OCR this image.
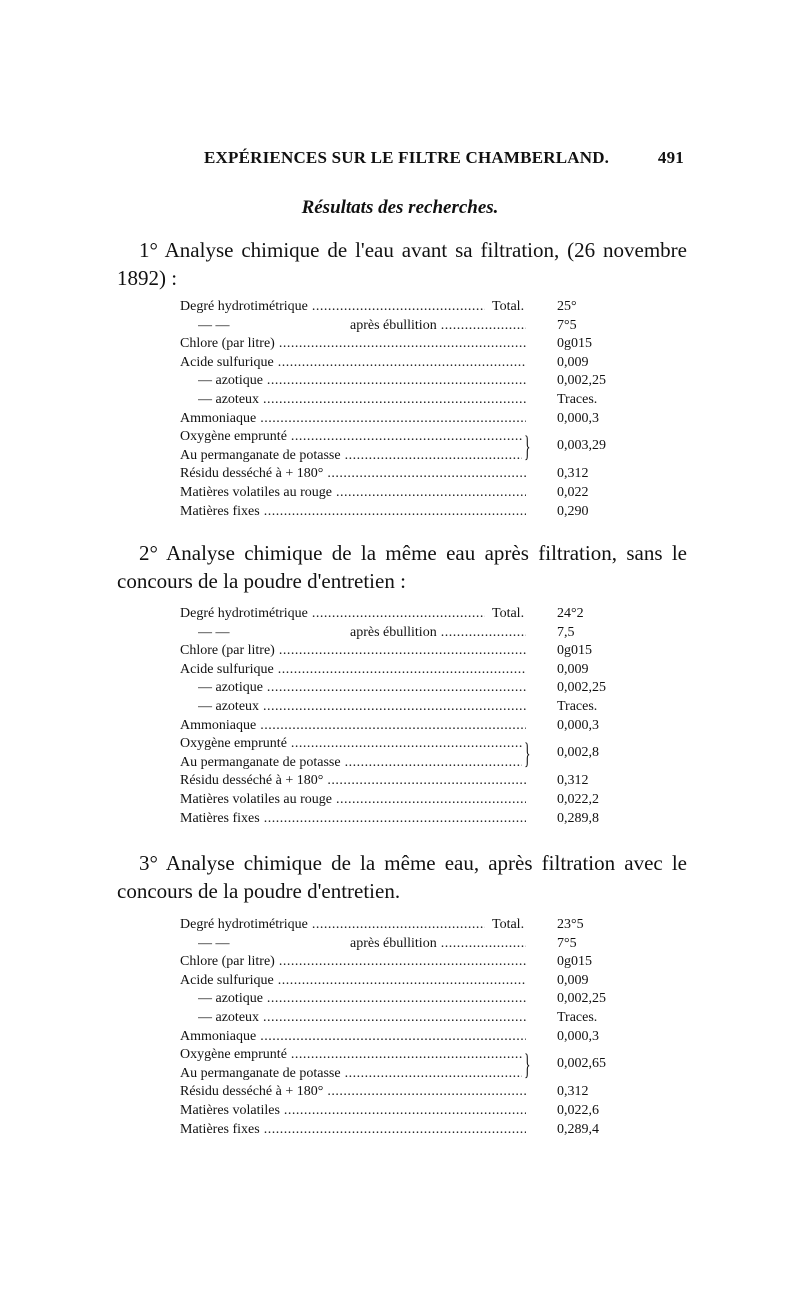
EXPÉRIENCES SUR LE FILTRE CHAMBERLAND.	491
Résultats des recherches.
1° Analyse chimique de l'eau avant sa filtration, (26 novembre 1892) :
Degré hydrotimétrique .....	Total. 25°
— —	après ébullition .....	7°5
Chlore (par litre) .....	0g015
Acide sulfurique .....	0,009
— azotique .....	0,002,25
— azoteux .....	Traces.
Ammoniaque .....	0,000,3
Oxygène emprunté .....
Au permanganate de potasse .....	} 0,003,29
Résidu desséché à + 180° .....	0,312
Matières volatiles au rouge .....	0,022
Matières fixes .....	0,290
2° Analyse chimique de la même eau après filtration, sans le concours de la poudre d'entretien :
Degré hydrotimétrique .....	Total. 24°2
— —	après ébullition .....	7,5
Chlore (par litre) .....	0g015
Acide sulfurique .....	0,009
— azotique .....	0,002,25
— azoteux .....	Traces.
Ammoniaque .....	0,000,3
Oxygène emprunté .....
Au permanganate de potasse .....	} 0,002,8
Résidu desséché à + 180° .....	0,312
Matières volatiles au rouge .....	0,022,2
Matières fixes .....	0,289,8
3° Analyse chimique de la même eau, après filtration avec le concours de la poudre d'entretien.
Degré hydrotimétrique .....	Total. 23°5
— —	après ébullition .....	7°5
Chlore (par litre) .....	0g015
Acide sulfurique .....	0,009
— azotique .....	0,002,25
— azoteux .....	Traces.
Ammoniaque .....	0,000,3
Oxygène emprunté .....
Au permanganate de potasse .....	} 0,002,65
Résidu desséché à + 180° .....	0,312
Matières volatiles .....	0,022,6
Matières fixes .....	0,289,4
